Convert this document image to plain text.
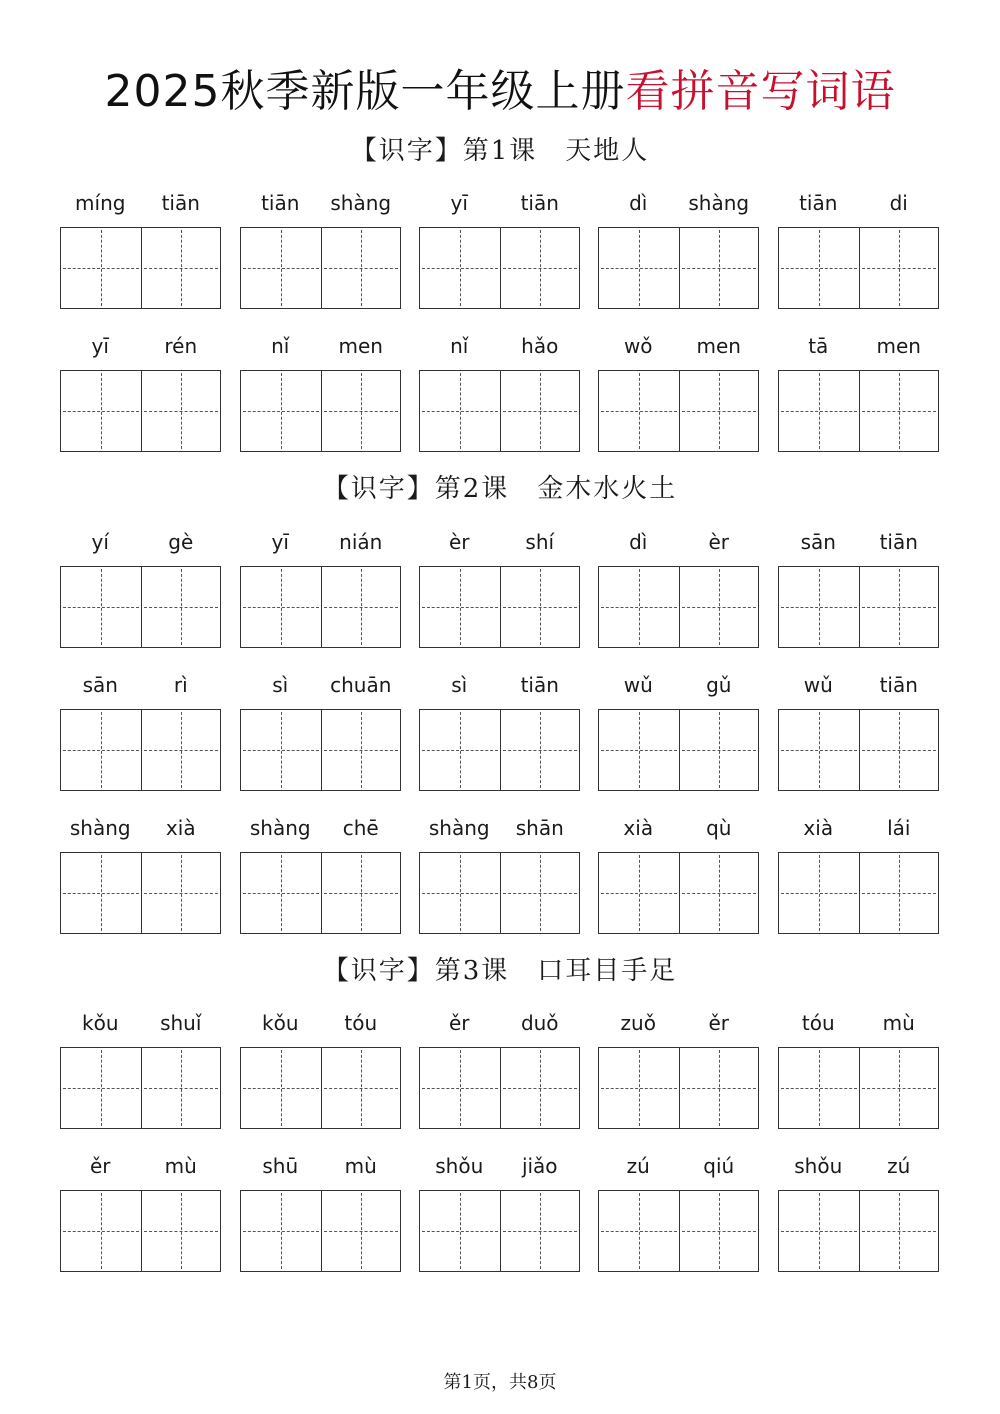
2025秋季新版一年级上册看拼音写词语
【识字】第1课 天地人
míng	tiān	tiān	shàng	yī	tiān	dì	shàng	tiān	di
yī	rén	nǐ	men	nǐ	hǎo	wǒ	men	tā	men
【识字】第2课 金木水火土
yí	gè	yī	nián	èr	shí	dì	èr	sān	tiān
sān	rì	sì	chuān	sì	tiān	wǔ	gǔ	wǔ	tiān
shàng	xià	shàng	chē	shàng	shān	xià	qù	xià	lái
【识字】第3课 口耳目手足
kǒu	shuǐ	kǒu	tóu	ěr	duǒ	zuǒ	ěr	tóu	mù
ěr	mù	shū	mù	shǒu	jiǎo	zú	qiú	shǒu	zú
第1页，共8页
